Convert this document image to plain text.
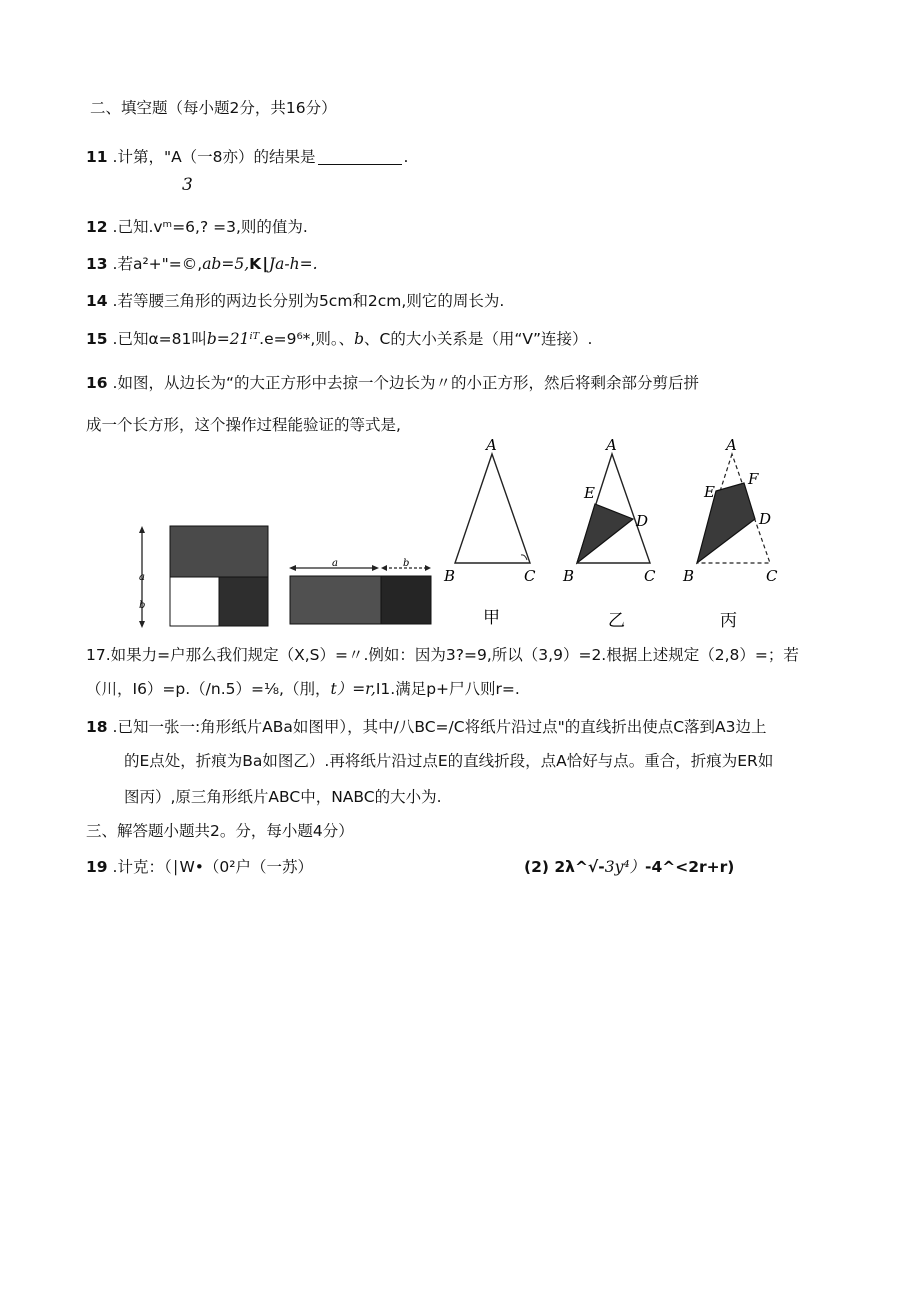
二、填空题（每小题2分，共16分）
11 .计第，"A（一8亦）的结果是	.
3
12 .己知.vᵐ=6,? =3,则的值为.
13 .若a²+"=©,ab=5,K∣Ja-h=.
14 .若等腰三角形的两边长分别为5cm和2cm,则它的周长为.
15 .已知α=81叫b=21ⁱᵀ.e=9⁶*,则。、b、C的大小关系是（用“V”连接）.
16 .如图，从边长为“的大正方形中去掠一个边长为〃的小正方形，然后将剩余部分剪后拼
成一个长方形，这个操作过程能验证的等式是,
a
b
a	b
A
B	C
甲
A
E
D
B	C
乙
A
E
F
D
B	C
丙
17.如果力=户那么我们规定（X,S）=〃.例如：因为3?=9,所以（3,9）=2.根据上述规定（2,8）=；若
（川，I6）=p.（/n.5）=⅛,（刖，t）=r,I1.满足p+尸八则r=.
18 .已知一张一:角形纸片ABa如图甲），其中/八BC=/C将纸片沿过点"的直线折出使点C落到A3边上
的E点处，折痕为Ba如图乙）.再将纸片沿过点E的直线折段，点A恰好与点。重合，折痕为ER如
图丙）,原三角形纸片ABC中，NABC的大小为.
三、解答题小题共2。分，每小题4分）
19 .计克：（∣W•（0²户（一苏）	(2) 2λ^√-3y⁴）-4^<2r+r)
